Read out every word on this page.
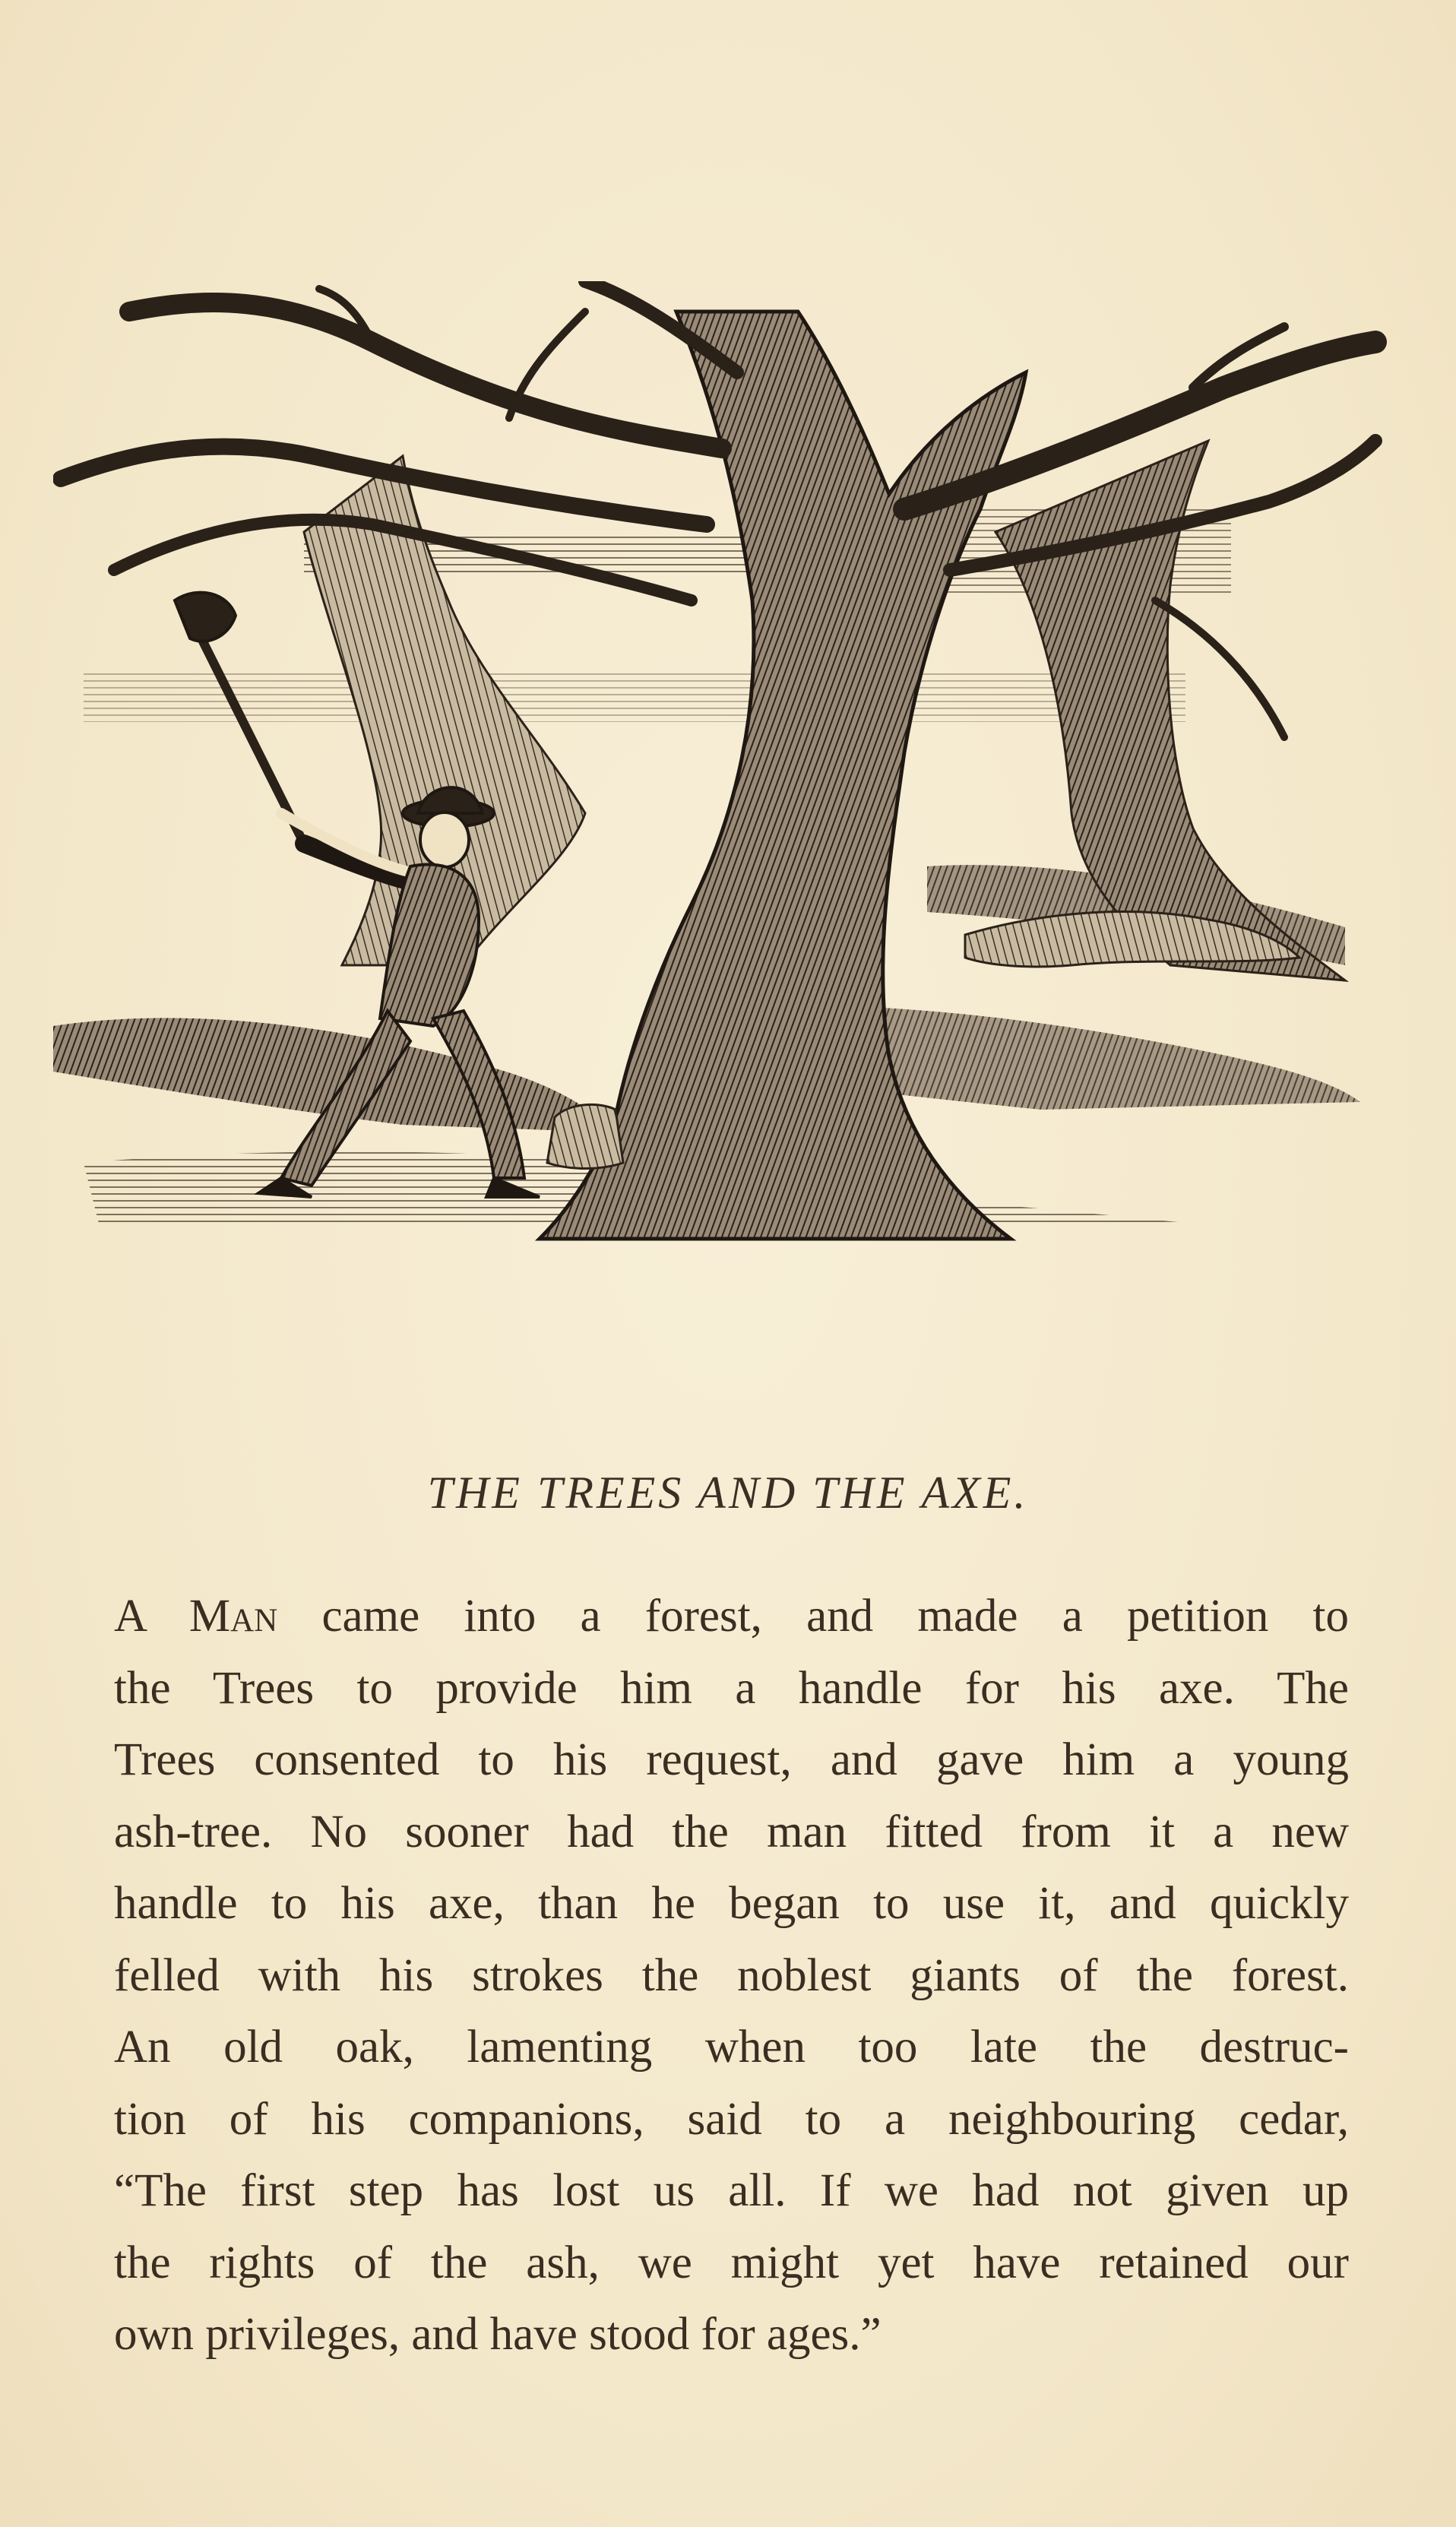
THE TREES AND THE AXE.
A Man came into a forest, and made a petition to
the Trees to provide him a handle for his axe. The
Trees consented to his request, and gave him a young
ash-tree. No sooner had the man fitted from it a new
handle to his axe, than he began to use it, and quickly
felled with his strokes the noblest giants of the forest.
An old oak, lamenting when too late the destruc-
tion of his companions, said to a neighbouring cedar,
“The first step has lost us all. If we had not given up
the rights of the ash, we might yet have retained our
own privileges, and have stood for ages.”
